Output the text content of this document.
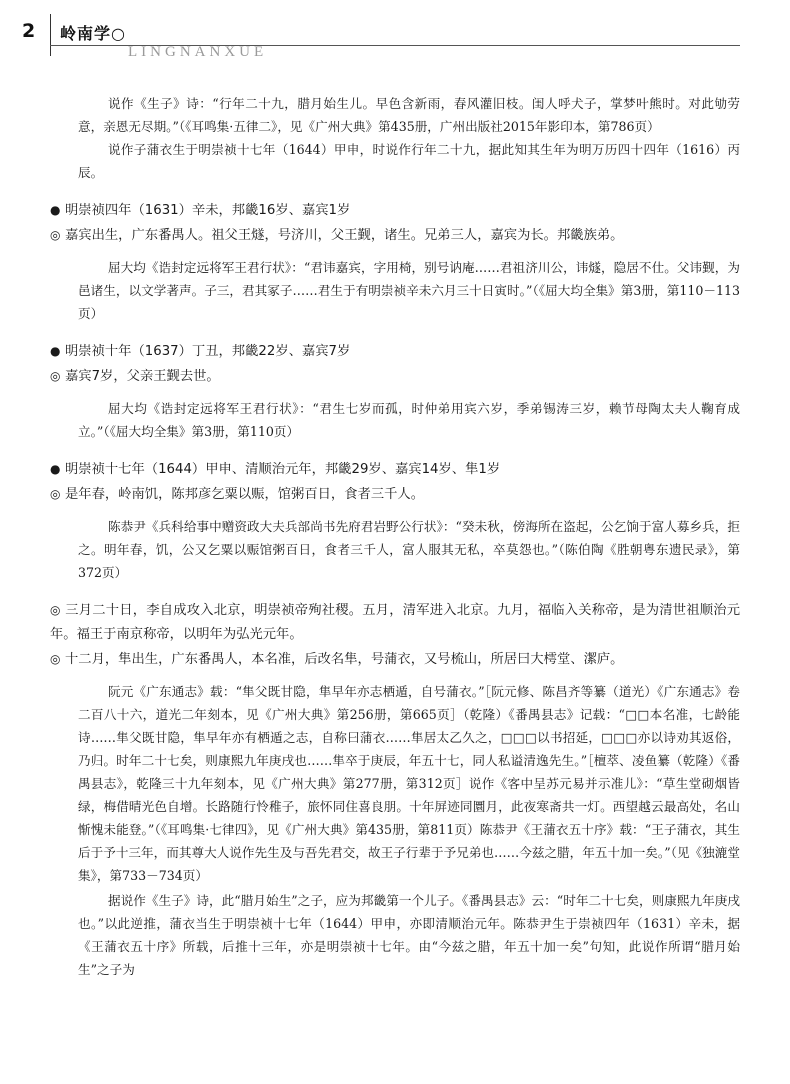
2 岭南学○
LINGNANXUE

说作《生子》诗：“行年二十九，腊月始生儿。早色含新雨，春风灌旧枝。闺人呼犬子，掌梦叶熊时。对此劬劳意，亲恩无尽期。”（《耳鸣集·五律二》，见《广州大典》第435册，广州出版社2015年影印本，第786页）

说作子蒲衣生于明崇祯十七年（1644）甲申，时说作行年二十九，据此知其生年为明万历四十四年（1616）丙辰。

● 明崇祯四年（1631）辛未，邦畿16岁、嘉宾1岁

◎ 嘉宾出生，广东番禺人。祖父王燧，号济川，父王觐，诸生。兄弟三人，嘉宾为长。邦畿族弟。

屈大均《诰封定远将军王君行状》：“君讳嘉宾，字用椅，别号讷庵……君祖济川公，讳燧，隐居不仕。父讳觐，为邑诸生，以文学著声。子三，君其冢子……君生于有明崇祯辛未六月三十日寅时。”（《屈大均全集》第3册，第110－113页）

● 明崇祯十年（1637）丁丑，邦畿22岁、嘉宾7岁

◎ 嘉宾7岁，父亲王觐去世。

屈大均《诰封定远将军王君行状》：“君生七岁而孤，时仲弟用宾六岁，季弟锡涛三岁，赖节母陶太夫人鞠育成立。”（《屈大均全集》第3册，第110页）

● 明崇祯十七年（1644）甲申、清顺治元年，邦畿29岁、嘉宾14岁、隼1岁

◎ 是年春，岭南饥，陈邦彦乞粟以赈，馆粥百日，食者三千人。

陈恭尹《兵科给事中赠资政大夫兵部尚书先府君岩野公行状》：“癸未秋，傍海所在盗起，公乞饷于富人募乡兵，拒之。明年春，饥，公又乞粟以赈馆粥百日，食者三千人，富人服其无私，卒莫怨也。”（陈伯陶《胜朝粤东遗民录》，第372页）

◎ 三月二十日，李自成攻入北京，明崇祯帝殉社稷。五月，清军进入北京。九月，福临入关称帝，是为清世祖顺治元年。福王于南京称帝，以明年为弘光元年。

◎ 十二月，隼出生，广东番禺人，本名准，后改名隼，号蒲衣，又号梳山，所居曰大樗堂、潔庐。

阮元《广东通志》载：“隼父既甘隐，隼早年亦志栖遁，自号蒲衣。”［阮元修、陈昌齐等纂（道光）《广东通志》卷二百八十六，道光二年刻本，见《广州大典》第256册，第665页］（乾隆）《番禺县志》记载：“□□本名准，七龄能诗……隼父既甘隐，隼早年亦有栖遁之志，自称曰蒲衣……隼居太乙久之，□□□以书招延，□□□亦以诗劝其返俗，乃归。时年二十七矣，则康熙九年庚戌也……隼卒于庚辰，年五十七，同人私谥清逸先生。”［檀萃、凌鱼纂（乾隆）《番禺县志》，乾隆三十九年刻本，见《广州大典》第277册，第312页］说作《客中呈苏元易并示准儿》：“草生堂砌烟皆绿，梅借晴光色自增。长路随行怜稚子，旅怀同住喜良朋。十年屏迹同圜月，此夜寒斋共一灯。西望越云最高处，名山惭愧未能登。”（《耳鸣集·七律四》，见《广州大典》第435册，第811页）陈恭尹《王蒲衣五十序》载：“王子蒲衣，其生后于予十三年，而其尊大人说作先生及与吾先君交，故王子行辈于予兄弟也……今兹之腊，年五十加一矣。”（见《独漉堂集》，第733－734页）

据说作《生子》诗，此“腊月始生”之子，应为邦畿第一个儿子。《番禺县志》云：“时年二十七矣，则康熙九年庚戌也。”以此逆推，蒲衣当生于明崇祯十七年（1644）甲申，亦即清顺治元年。陈恭尹生于崇祯四年（1631）辛未，据《王蒲衣五十序》所载，后推十三年，亦是明崇祯十七年。由“今兹之腊，年五十加一矣”句知，此说作所谓“腊月始生”之子为
